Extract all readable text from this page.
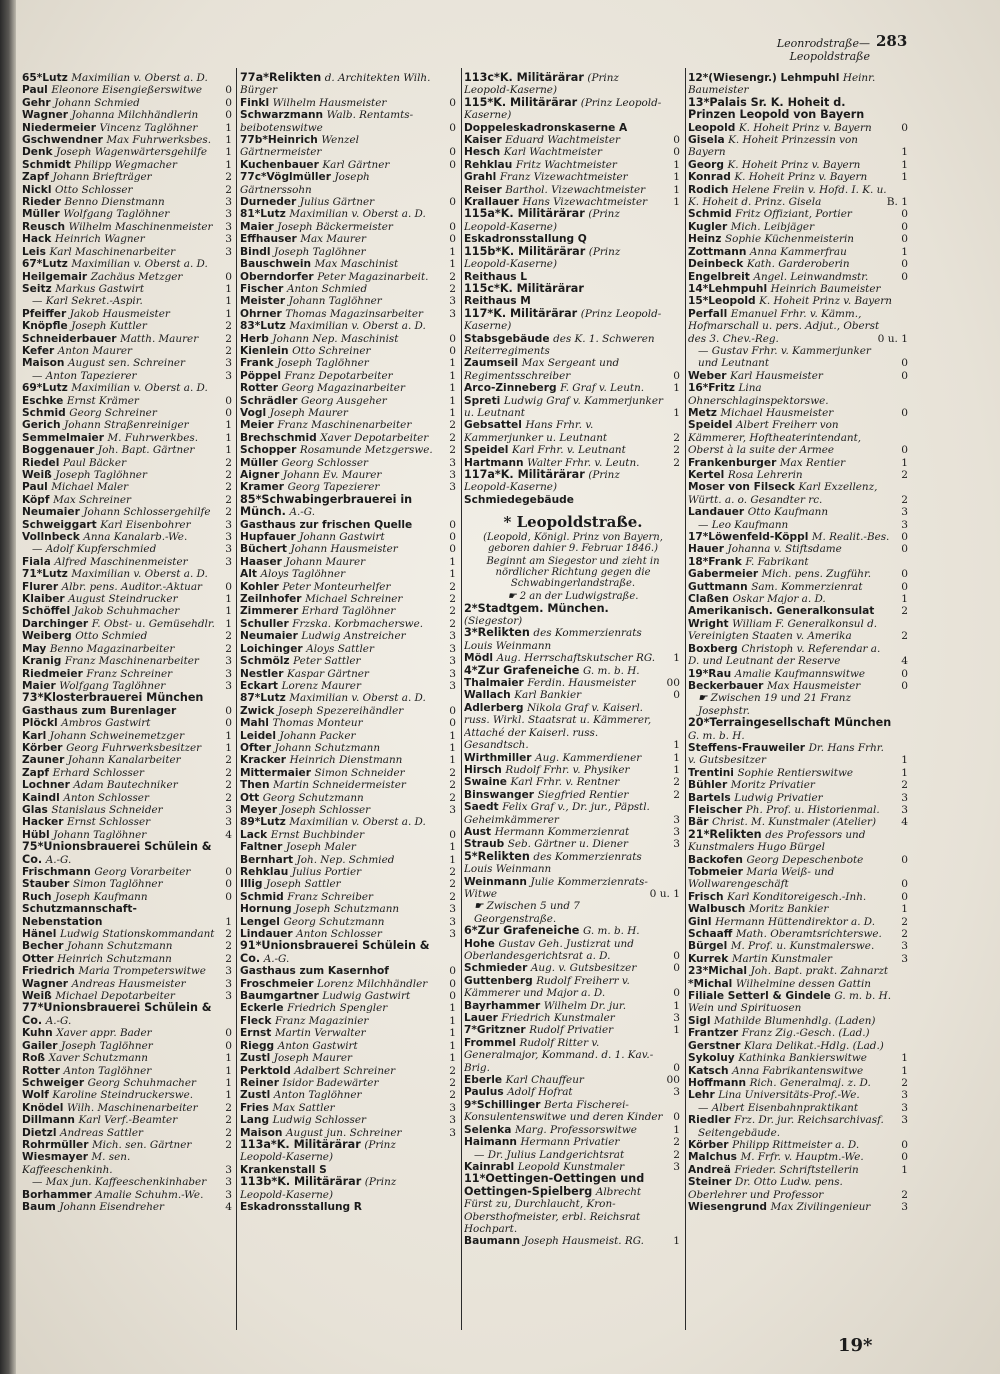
Leonrodstraße—Leopoldstraße
283
65*Lutz Maximilian v. Oberst a. D.
Paul Eleonore Eisengießerswitwe 0
Gehr Johann Schmied	0
Wagner Johanna Milchhändlerin	0
Niedermeier Vincenz Taglöhner	1
Gschwendner Max Fuhrwerksbes. 1
Denk Joseph Wagenwärtersgehilfe 1
Schmidt Philipp Wegmacher	1
Zapf Johann Briefträger	2
Nickl Otto Schlosser	2
Rieder Benno Dienstmann	3
Müller Wolfgang Taglöhner	3
Reusch Wilhelm Maschinenmeister 3
Hack Heinrich Wagner	3
Leis Karl Maschinenarbeiter	3
67*Lutz Maximilian v. Oberst a. D.
Heilgemair Zachäus Metzger	0
Seitz Markus Gastwirt	1
— Karl Sekret.-Aspir.	1
Pfeiffer Jakob Hausmeister	1
Knöpfle Joseph Kuttler	2
Schneiderbauer Matth. Maurer	2
Kefer Anton Maurer	2
Maison August sen. Schreiner	3
— Anton Tapezierer	3
69*Lutz Maximilian v. Oberst a. D.
Eschke Ernst Krämer	0
Schmid Georg Schreiner	0
Gerich Johann Straßenreiniger	1
Semmelmaier M. Fuhrwerkbes.	1
Boggenauer Joh. Bapt. Gärtner	1
Riedel Paul Bäcker	2
Weiß Joseph Taglöhner	2
Paul Michael Maler	2
Köpf Max Schreiner	2
Neumaier Johann Schlossergehilfe 2
Schweiggart Karl Eisenbohrer	3
Vollnbeck Anna Kanalarb.-We.	3
— Adolf Kupferschmied	3
Fiala Alfred Maschinenmeister	3
71*Lutz Maximilian v. Oberst a. D.
Flurer Albr. pens. Auditor.-Aktuar 0
Klaiber August Steindrucker	1
Schöffel Jakob Schuhmacher	1
Darchinger F. Obst- u. Gemüsehdlr. 1
Weiberg Otto Schmied	2
May Benno Magazinarbeiter	2
Kranig Franz Maschinenarbeiter 3
Riedmeier Franz Schreiner	3
Maier Wolfgang Taglöhner	3
73*Klosterbrauerei München
Gasthaus zum Burenlager	0
Plöckl Ambros Gastwirt	0
Karl Johann Schweinemetzger	1
Körber Georg Fuhrwerksbesitzer 1
Zauner Johann Kanalarbeiter	2
Zapf Erhard Schlosser	2
Lochner Adam Bautechniker	2
Kaindl Anton Schlosser	2
Glas Stanislaus Schneider	3
Hacker Ernst Schlosser	3
Hübl Johann Taglöhner	4
75*Unionsbrauerei Schülein & Co. A.-G.
Frischmann Georg Vorarbeiter	0
Stauber Simon Taglöhner	0
Ruch Joseph Kaufmann	0
Schutzmannschaft-Nebenstation	1
Hänel Ludwig Stationskommandant 2
Becher Johann Schutzmann	2
Otter Heinrich Schutzmann	2
Friedrich Maria Trompeterswitwe 3
Wagner Andreas Hausmeister	3
Weiß Michael Depotarbeiter	3
77*Unionsbrauerei Schülein & Co. A.-G.
Kuhn Xaver appr. Bader	0
Gailer Joseph Taglöhner	0
Roß Xaver Schutzmann	1
Rotter Anton Taglöhner	1
Schweiger Georg Schuhmacher	1
Wolf Karoline Steindruckerswe.	1
Knödel Wilh. Maschinenarbeiter	2
Dillmann Karl Verf.-Beamter	2
Dietzl Andreas Sattler	2
Rohrmüller Mich. sen. Gärtner	2
Wiesmayer M. sen. Kaffeeschenkinh.	3
— Max jun. Kaffeeschenkinhaber 3
Borhammer Amalie Schuhm.-We. 3
Baum Johann Eisendreher	4
77a*Relikten d. Architekten Wilh. Bürger
Finkl Wilhelm Hausmeister	0
Schwarzmann Walb. Rentamts-beibotenswitwe	0
77b*Heinrich Wenzel Gärtnermeister	0
Kuchenbauer Karl Gärtner	0
77c*Vöglmüller Joseph Gärtnerssohn
Durneder Julius Gärtner	0
81*Lutz Maximilian v. Oberst a. D.
Maier Joseph Bäckermeister	0
Effhauser Max Maurer	0
Bindl Joseph Taglöhner	1
Bauschwein Max Maschinist	1
Oberndorfer Peter Magazinarbeit. 2
Fischer Anton Schmied	2
Meister Johann Taglöhner	3
Ohrner Thomas Magazinsarbeiter 3
83*Lutz Maximilian v. Oberst a. D.
Herb Johann Nep. Maschinist	0
Kienlein Otto Schreiner	0
Frank Joseph Taglöhner	1
Pöppel Franz Depotarbeiter	1
Rotter Georg Magazinarbeiter	1
Schrädler Georg Ausgeher	1
Vogl Joseph Maurer	1
Meier Franz Maschinenarbeiter	2
Brechschmid Xaver Depotarbeiter 2
Schopper Rosamunde Metzgerswe. 2
Müller Georg Schlosser	3
Aigner Johann Ev. Maurer	3
Kramer Georg Tapezierer	3
85*Schwabingerbrauerei in Münch. A.-G.
Gasthaus zur frischen Quelle	0
Hupfauer Johann Gastwirt	0
Büchert Johann Hausmeister	0
Haaser Johann Maurer	1
Alt Aloys Taglöhner	1
Kohler Peter Monteurhelfer	2
Zeilnhofer Michael Schreiner	2
Zimmerer Erhard Taglöhner	2
Schuller Frzska. Korbmacherswe. 2
Neumaier Ludwig Anstreicher	3
Loichinger Aloys Sattler	3
Schmölz Peter Sattler	3
Nestler Kaspar Gärtner	3
Eckart Lorenz Maurer	3
87*Lutz Maximilian v. Oberst a. D.
Zwick Joseph Spezereihändler	0
Mahl Thomas Monteur	0
Leidel Johann Packer	1
Ofter Johann Schutzmann	1
Kracker Heinrich Dienstmann	1
Mittermaier Simon Schneider	2
Then Martin Schneidermeister	2
Ott Georg Schutzmann	2
Meyer Joseph Schlosser	3
89*Lutz Maximilian v. Oberst a. D.
Lack Ernst Buchbinder	0
Faltner Joseph Maler	1
Bernhart Joh. Nep. Schmied	1
Rehklau Julius Portier	2
Illig Joseph Sattler	2
Schmid Franz Schreiber	2
Hornung Joseph Schutzmann	3
Lengel Georg Schutzmann	3
Lindauer Anton Schlosser	3
91*Unionsbrauerei Schülein & Co. A.-G.
Gasthaus zum Kasernhof	0
Froschmeier Lorenz Milchhändler 0
Baumgartner Ludwig Gastwirt	0
Eckerle Friedrich Spengler	1
Fleck Franz Magazinier	1
Ernst Martin Verwalter	1
Riegg Anton Gastwirt	1
Zustl Joseph Maurer	1
Perktold Adalbert Schreiner	2
Reiner Isidor Badewärter	2
Zustl Anton Taglöhner	2
Fries Max Sattler	3
Lang Ludwig Schlosser	3
Maison August jun. Schreiner	3
113a*K. Militärärar (Prinz Leopold-Kaserne)
Krankenstall S
113b*K. Militärärar (Prinz Leopold-Kaserne)
Eskadronsstallung R
113c*K. Militärärar (Prinz Leopold-Kaserne)
115*K. Militärärar (Prinz Leopold-Kaserne)
Doppeleskadronskaserne A
Kaiser Eduard Wachtmeister	0
Hesch Karl Wachtmeister	0
Rehklau Fritz Wachtmeister	1
Grahl Franz Vizewachtmeister	1
Reiser Barthol. Vizewachtmeister	1
Krallauer Hans Vizewachtmeister 1
115a*K. Militärärar (Prinz Leopold-Kaserne)
Eskadronsstallung Q
115b*K. Militärärar (Prinz Leopold-Kaserne)
Reithaus L
115c*K. Militärärar
Reithaus M
117*K. Militärärar (Prinz Leopold-Kaserne)
Stabsgebäude des K. 1. Schweren Reiterregiments
Zaumseil Max Sergeant und Regimentsschreiber	0
Arco-Zinneberg F. Graf v. Leutn.	1
Spreti Ludwig Graf v. Kammerjunker u. Leutnant	1
Gebsattel Hans Frhr. v. Kammerjunker u. Leutnant	2
Speidel Karl Frhr. v. Leutnant	2
Hartmann Walter Frhr. v. Leutn.	2
117a*K. Militärärar (Prinz Leopold-Kaserne)
Schmiedegebäude
* Leopoldstraße.
(Leopold, Königl. Prinz von Bayern, geboren dahier 9. Februar 1846.)
Beginnt am Siegestor und zieht in nördlicher Richtung gegen die Schwabingerlandstraße.
☛ 2 an der Ludwigstraße.
2*Stadtgem. München. (Siegestor)
3*Relikten des Kommerzienrats Louis Weinmann
Mödl Aug. Herrschaftskutscher RG. 1
4*Zur Grafeneiche G. m. b. H.
Thalmaier Ferdin. Hausmeister	00
Wallach Karl Bankier	0
Adlerberg Nikola Graf v. Kaiserl. russ. Wirkl. Staatsrat u. Kämmerer, Attaché der Kaiserl. russ. Gesandtsch.	1
Wirthmiller Aug. Kammerdiener	1
Hirsch Rudolf Frhr. v. Physiker	1
Swaine Karl Frhr. v. Rentner	2
Binswanger Siegfried Rentier	2
Saedt Felix Graf v., Dr. jur., Päpstl. Geheimkämmerer	3
Aust Hermann Kommerzienrat	3
Straub Seb. Gärtner u. Diener	3
5*Relikten des Kommerzienrats Louis Weinmann
Weinmann Julie Kommerzienrats-Witwe	0 u. 1
☛ Zwischen 5 und 7 Georgenstraße.
6*Zur Grafeneiche G. m. b. H.
Hohe Gustav Geh. Justizrat und Oberlandesgerichtsrat a. D.	0
Schmieder Aug. v. Gutsbesitzer	0
Guttenberg Rudolf Freiherr v. Kämmerer und Major a. D.	0
Bayrhammer Wilhelm Dr. jur.	1
Lauer Friedrich Kunstmaler	3
7*Gritzner Rudolf Privatier	1
Frommel Rudolf Ritter v. Generalmajor, Kommand. d. 1. Kav.-Brig.	0
Eberle Karl Chauffeur	00
Paulus Adolf Hofrat	3
9*Schillinger Berta Fischerei-Konsulentenswitwe und deren Kinder 0
Selenka Marg. Professorswitwe	1
Haimann Hermann Privatier	2
— Dr. Julius Landgerichtsrat	2
Kainrabl Leopold Kunstmaler	3
11*Oettingen-Oettingen und Oettingen-Spielberg Albrecht Fürst zu, Durchlaucht, Kron-Obersthofmeister, erbl. Reichsrat Hochpart.
Baumann Joseph Hausmeist. RG.	1
12*(Wiesengr.) Lehmpuhl Heinr. Baumeister
13*Palais Sr. K. Hoheit d. Prinzen Leopold von Bayern
Leopold K. Hoheit Prinz v. Bayern	0
Gisela K. Hoheit Prinzessin von Bayern	1
Georg K. Hoheit Prinz v. Bayern	1
Konrad K. Hoheit Prinz v. Bayern	1
Rodich Helene Freiin v. Hofd. I. K. u. K. Hoheit d. Prinz. Gisela	B. 1
Schmid Fritz Offiziant, Portier	0
Kugler Mich. Leibjäger	0
Heinz Sophie Küchenmeisterin	0
Zottmann Anna Kammerfrau	1
Deinbeck Kath. Garderoberin	0
Engelbreit Angel. Leinwandmstr.	0
14*Lehmpuhl Heinrich Baumeister
15*Leopold K. Hoheit Prinz v. Bayern
Perfall Emanuel Frhr. v. Kämm., Hofmarschall u. pers. Adjut., Oberst des 3. Chev.-Reg.	0 u. 1
— Gustav Frhr. v. Kammerjunker und Leutnant	0
Weber Karl Hausmeister	0
16*Fritz Lina Ohnerschlaginspektorswe.
Metz Michael Hausmeister	0
Speidel Albert Freiherr von Kämmerer, Hoftheaterintendant, Oberst à la suite der Armee	0
Frankenburger Max Rentier	1
Kertel Rosa Lehrerin	2
Moser von Filseck Karl Exzellenz, Württ. a. o. Gesandter rc.	2
Landauer Otto Kaufmann	3
— Leo Kaufmann	3
17*Löwenfeld-Köppl M. Realit.-Bes. 0
Hauer Johanna v. Stiftsdame	0
18*Frank F. Fabrikant
Gabermeier Mich. pens. Zugführ.	0
Guttmann Sam. Kommerzienrat	0
Claßen Oskar Major a. D.	1
Amerikanisch. Generalkonsulat	2
Wright William F. Generalkonsul d. Vereinigten Staaten v. Amerika	2
Boxberg Christoph v. Referendar a. D. und Leutnant der Reserve	4
19*Rau Amalie Kaufmannswitwe	0
Beckerbauer Max Hausmeister	0
☛ Zwischen 19 und 21 Franz Josephstr.
20*Terraingesellschaft München G. m. b. H.
Steffens-Frauweiler Dr. Hans Frhr. v. Gutsbesitzer	1
Trentini Sophie Rentierswitwe	1
Bühler Moritz Privatier	2
Bartels Ludwig Privatier	3
Fleischer Ph. Prof. u. Historienmal. 3
Bär Christ. M. Kunstmaler (Atelier) 4
21*Relikten des Professors und Kunstmalers Hugo Bürgel
Backofen Georg Depeschenbote	0
Tobmeier Maria Weiß- und Wollwarengeschäft	0
Frisch Karl Konditoreigesch.-Inh.	0
Walbusch Moritz Bankier	1
Ginl Hermann Hüttendirektor a. D. 2
Schaaff Math. Oberamtsrichterswe. 2
Bürgel M. Prof. u. Kunstmalerswe.	3
Kurrek Martin Kunstmaler	3
23*Michal Joh. Bapt. prakt. Zahnarzt
*Michal Wilhelmine dessen Gattin
Filiale Setterl & Gindele G. m. b. H. Wein und Spirituosen
Sigl Mathilde Blumenhdlg. (Laden)
Frantzer Franz Zig.-Gesch. (Lad.)
Gerstner Klara Delikat.-Hdlg. (Lad.)
Sykoluy Kathinka Bankierswitwe	1
Katsch Anna Fabrikantenswitwe	1
Hoffmann Rich. Generalmaj. z. D.	2
Lehr Lina Universitäts-Prof.-We.	3
— Albert Eisenbahnpraktikant	3
Riedler Frz. Dr. jur. Reichsarchivasf. 3
Seitengebäude.
Körber Philipp Rittmeister a. D.	0
Malchus M. Frfr. v. Hauptm.-We.	0
Andreä Frieder. Schriftstellerin	1
Steiner Dr. Otto Ludw. pens. Oberlehrer und Professor	2
Wiesengrund Max Zivilingenieur	3
19*
